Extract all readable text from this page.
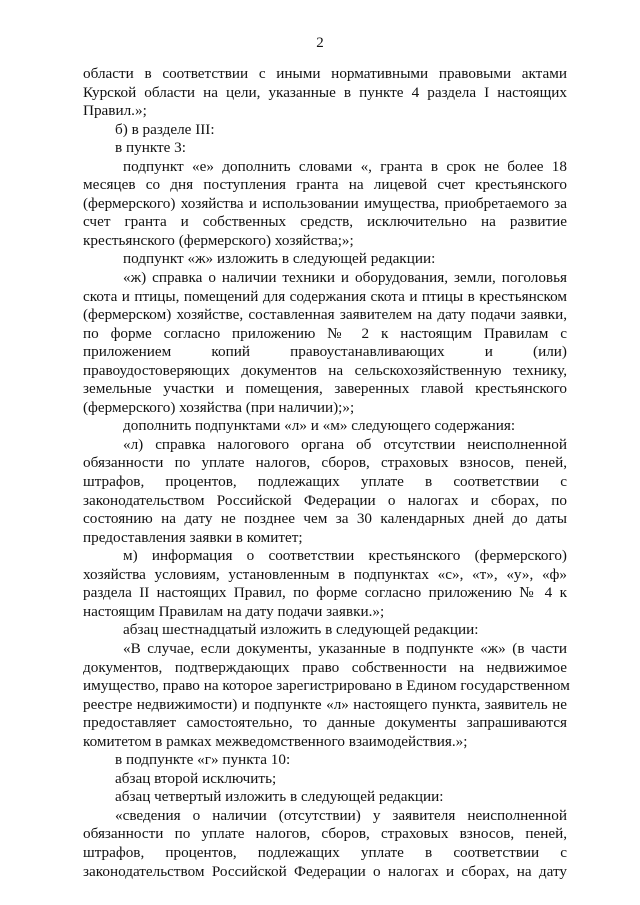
2
области в соответствии с иными нормативными правовыми актами
Курской области на цели, указанные в пункте 4 раздела I настоящих
Правил.»;
б) в разделе III:
в пункте 3:
подпункт «е» дополнить словами «, гранта в срок не более 18
месяцев со дня поступления гранта на лицевой счет крестьянского
(фермерского) хозяйства и использовании имущества, приобретаемого за
счет гранта и собственных средств, исключительно на развитие
крестьянского (фермерского) хозяйства;»;
подпункт «ж» изложить в следующей редакции:
«ж) справка о наличии техники и оборудования, земли, поголовья
скота и птицы, помещений для содержания скота и птицы в крестьянском
(фермерском) хозяйстве, составленная заявителем на дату подачи заявки,
по форме согласно приложению № 2 к настоящим Правилам с
приложением копий правоустанавливающих и (или)
правоудостоверяющих документов на сельскохозяйственную технику,
земельные участки и помещения, заверенных главой крестьянского
(фермерского) хозяйства (при наличии);»;
дополнить подпунктами «л» и «м» следующего содержания:
«л) справка налогового органа об отсутствии неисполненной
обязанности по уплате налогов, сборов, страховых взносов, пеней,
штрафов, процентов, подлежащих уплате в соответствии с
законодательством Российской Федерации о налогах и сборах, по
состоянию на дату не позднее чем за 30 календарных дней до даты
предоставления заявки в комитет;
м) информация о соответствии крестьянского (фермерского)
хозяйства условиям, установленным в подпунктах «с», «т», «у», «ф»
раздела II настоящих Правил, по форме согласно приложению № 4 к
настоящим Правилам на дату подачи заявки.»;
абзац шестнадцатый изложить в следующей редакции:
«В случае, если документы, указанные в подпункте «ж» (в части
документов, подтверждающих право собственности на недвижимое
имущество, право на которое зарегистрировано в Едином государственном
реестре недвижимости) и подпункте «л» настоящего пункта, заявитель не
предоставляет самостоятельно, то данные документы запрашиваются
комитетом в рамках межведомственного взаимодействия.»;
в подпункте «г» пункта 10:
абзац второй исключить;
абзац четвертый изложить в следующей редакции:
«сведения о наличии (отсутствии) у заявителя неисполненной
обязанности по уплате налогов, сборов, страховых взносов, пеней,
штрафов, процентов, подлежащих уплате в соответствии с
законодательством Российской Федерации о налогах и сборах, на дату
